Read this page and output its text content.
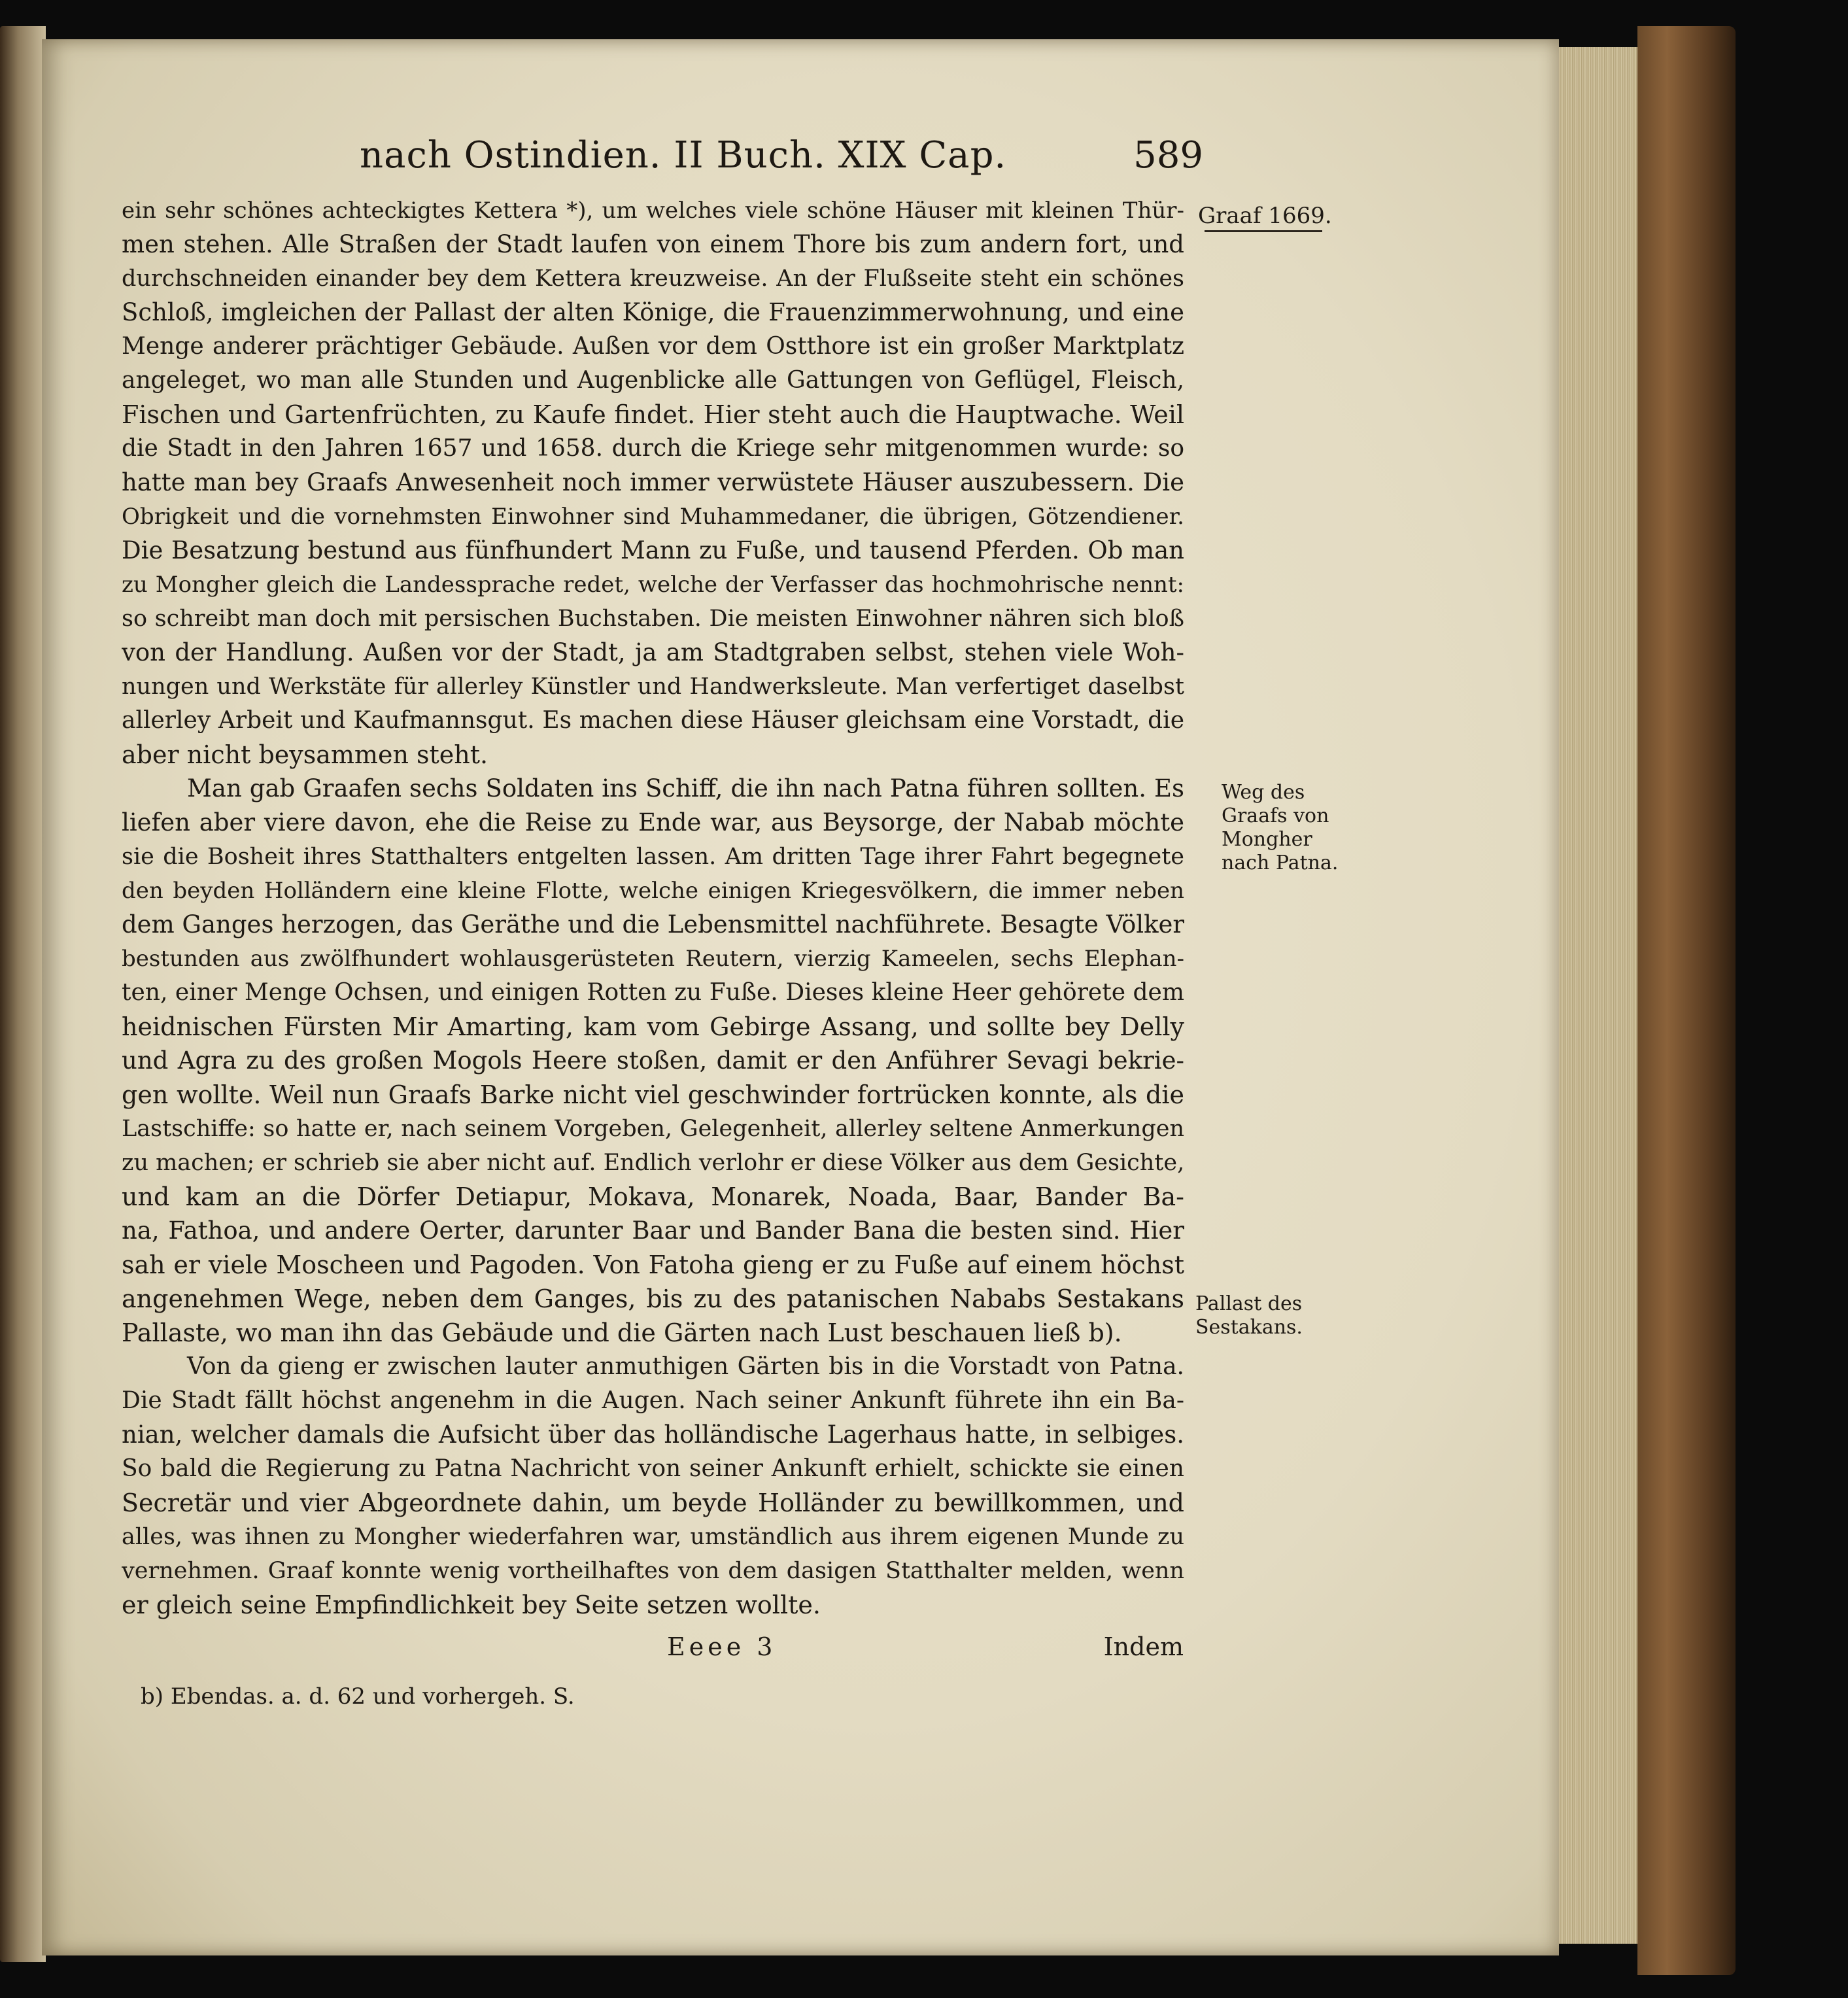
nach Ostindien. II Buch. XIX Cap.	589
Graaf 1669.
Weg des
Graafs von
Mongher
nach Patna.
Pallast des
Sestakans.
ein sehr schönes achteckigtes Kettera *), um welches viele schöne Häuser mit kleinen Thür-
men stehen. Alle Straßen der Stadt laufen von einem Thore bis zum andern fort, und
durchschneiden einander bey dem Kettera kreuzweise. An der Flußseite steht ein schönes
Schloß, imgleichen der Pallast der alten Könige, die Frauenzimmerwohnung, und eine
Menge anderer prächtiger Gebäude. Außen vor dem Ostthore ist ein großer Marktplatz
angeleget, wo man alle Stunden und Augenblicke alle Gattungen von Geflügel, Fleisch,
Fischen und Gartenfrüchten, zu Kaufe findet. Hier steht auch die Hauptwache. Weil
die Stadt in den Jahren 1657 und 1658. durch die Kriege sehr mitgenommen wurde: so
hatte man bey Graafs Anwesenheit noch immer verwüstete Häuser auszubessern. Die
Obrigkeit und die vornehmsten Einwohner sind Muhammedaner, die übrigen, Götzendiener.
Die Besatzung bestund aus fünfhundert Mann zu Fuße, und tausend Pferden. Ob man
zu Mongher gleich die Landessprache redet, welche der Verfasser das hochmohrische nennt:
so schreibt man doch mit persischen Buchstaben. Die meisten Einwohner nähren sich bloß
von der Handlung. Außen vor der Stadt, ja am Stadtgraben selbst, stehen viele Woh-
nungen und Werkstäte für allerley Künstler und Handwerksleute. Man verfertiget daselbst
allerley Arbeit und Kaufmannsgut. Es machen diese Häuser gleichsam eine Vorstadt, die
aber nicht beysammen steht.
Man gab Graafen sechs Soldaten ins Schiff, die ihn nach Patna führen sollten. Es
liefen aber viere davon, ehe die Reise zu Ende war, aus Beysorge, der Nabab möchte
sie die Bosheit ihres Statthalters entgelten lassen. Am dritten Tage ihrer Fahrt begegnete
den beyden Holländern eine kleine Flotte, welche einigen Kriegesvölkern, die immer neben
dem Ganges herzogen, das Geräthe und die Lebensmittel nachführete. Besagte Völker
bestunden aus zwölfhundert wohlausgerüsteten Reutern, vierzig Kameelen, sechs Elephan-
ten, einer Menge Ochsen, und einigen Rotten zu Fuße. Dieses kleine Heer gehörete dem
heidnischen Fürsten Mir Amarting, kam vom Gebirge Assang, und sollte bey Delly
und Agra zu des großen Mogols Heere stoßen, damit er den Anführer Sevagi bekrie-
gen wollte. Weil nun Graafs Barke nicht viel geschwinder fortrücken konnte, als die
Lastschiffe: so hatte er, nach seinem Vorgeben, Gelegenheit, allerley seltene Anmerkungen
zu machen; er schrieb sie aber nicht auf. Endlich verlohr er diese Völker aus dem Gesichte,
und kam an die Dörfer Detiapur, Mokava, Monarek, Noada, Baar, Bander Ba-
na, Fathoa, und andere Oerter, darunter Baar und Bander Bana die besten sind. Hier
sah er viele Moscheen und Pagoden. Von Fatoha gieng er zu Fuße auf einem höchst
angenehmen Wege, neben dem Ganges, bis zu des patanischen Nababs Sestakans
Pallaste, wo man ihn das Gebäude und die Gärten nach Lust beschauen ließ b).
Von da gieng er zwischen lauter anmuthigen Gärten bis in die Vorstadt von Patna.
Die Stadt fällt höchst angenehm in die Augen. Nach seiner Ankunft führete ihn ein Ba-
nian, welcher damals die Aufsicht über das holländische Lagerhaus hatte, in selbiges.
So bald die Regierung zu Patna Nachricht von seiner Ankunft erhielt, schickte sie einen
Secretär und vier Abgeordnete dahin, um beyde Holländer zu bewillkommen, und
alles, was ihnen zu Mongher wiederfahren war, umständlich aus ihrem eigenen Munde zu
vernehmen. Graaf konnte wenig vortheilhaftes von dem dasigen Statthalter melden, wenn
er gleich seine Empfindlichkeit bey Seite setzen wollte.
Eeee 3	Indem
b) Ebendas. a. d. 62 und vorhergeh. S.
